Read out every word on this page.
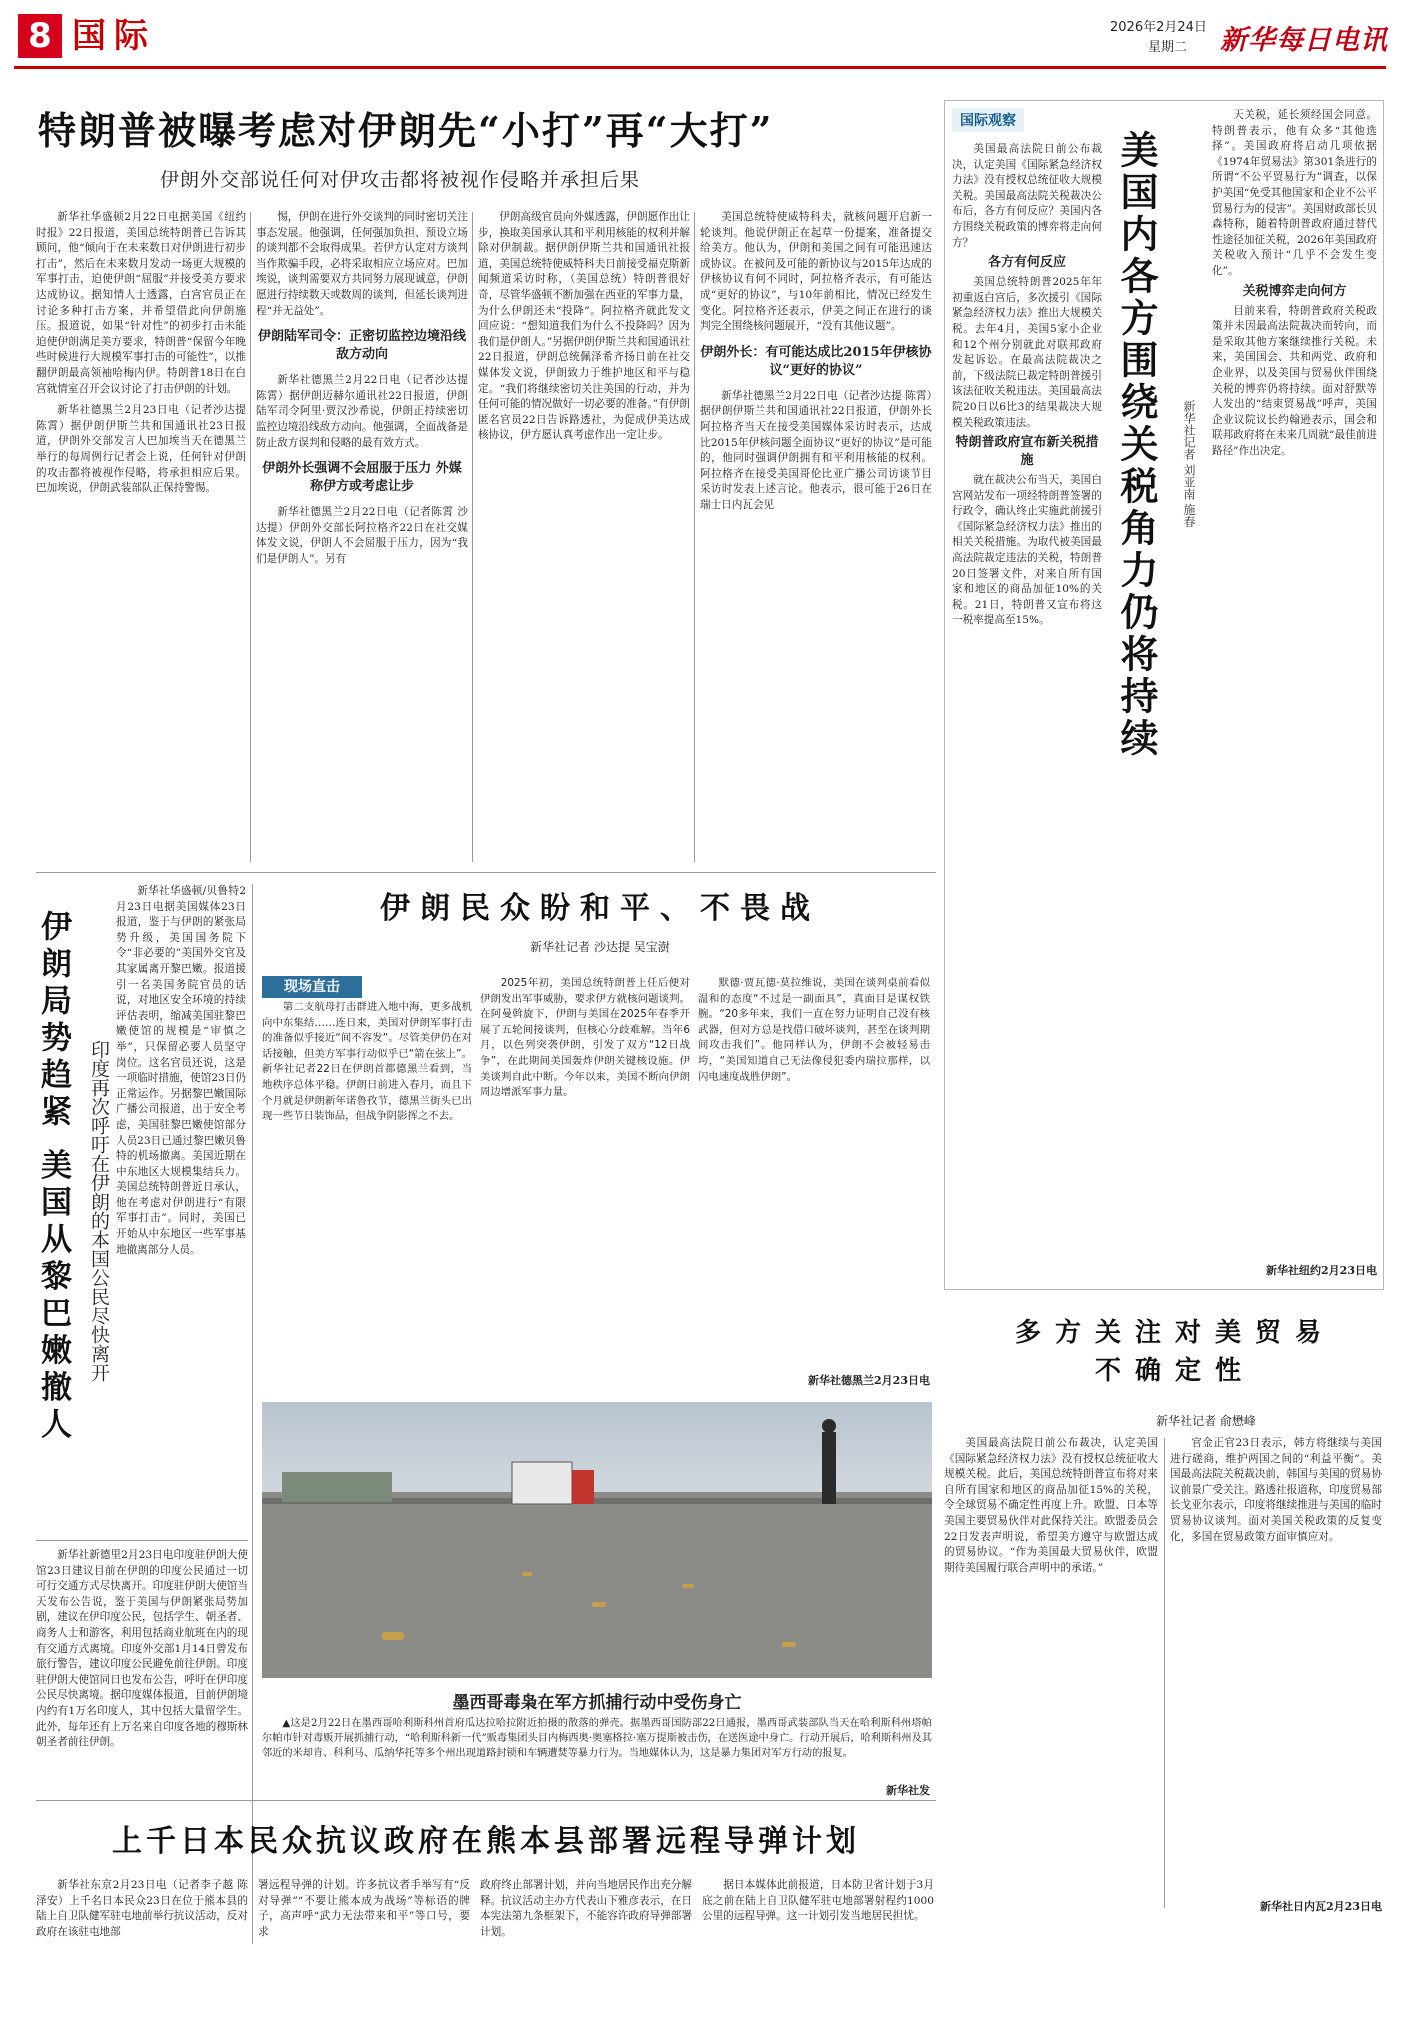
8 国际	2026年2月24日
星期二 新华每日电讯
特朗普被曝考虑对伊朗先“小打”再“大打”
伊朗外交部说任何对伊攻击都将被视作侵略并承担后果

新华社华盛顿2月22日电据美国《纽约时报》22日报道，美国总统特朗普已告诉其顾问，他“倾向于在未来数日对伊朗进行初步打击”，然后在未来数月发动一场更大规模的军事打击，迫使伊朗“屈服”并接受美方要求达成协议。据知情人士透露，白宫官员正在讨论多种打击方案，并希望借此向伊朗施压。报道说，如果“针对性”的初步打击未能迫使伊朗满足美方要求，特朗普“保留今年晚些时候进行大规模军事打击的可能性”，以推翻伊朗最高领袖哈梅内伊。特朗普18日在白宫就情室召开会议讨论了打击伊朗的计划。

新华社德黑兰2月23日电（记者沙达提 陈霄）据伊朗伊斯兰共和国通讯社23日报道，伊朗外交部发言人巴加埃当天在德黑兰举行的每周例行记者会上说，任何针对伊朗的攻击都将被视作侵略，将承担相应后果。巴加埃说，伊朗武装部队正保持警惕。

惕，伊朗在进行外交谈判的同时密切关注事态发展。他强调，任何强加负担、预设立场的谈判都不会取得成果。若伊方认定对方谈判当作欺骗手段，必将采取相应立场应对。巴加埃说，谈判需要双方共同努力展现诚意，伊朗愿进行持续数天或数周的谈判，但延长谈判进程“并无益处”。

伊朗陆军司令：正密切监控边境沿线敌方动向

新华社德黑兰2月22日电（记者沙达提 陈霄）据伊朗迈赫尔通讯社22日报道，伊朗陆军司令阿里·贾汉沙希说，伊朗正持续密切监控边境沿线敌方动向。他强调，全面战备是防止敌方误判和侵略的最有效方式。

伊朗外长强调不会屈服于压力 外媒称伊方或考虑让步

新华社德黑兰2月22日电（记者陈霄 沙达提）伊朗外交部长阿拉格齐22日在社交媒体发文说，伊朗人不会屈服于压力，因为“我们是伊朗人”。另有

伊朗高级官员向外媒透露，伊朗愿作出让步，换取美国承认其和平利用核能的权利并解除对伊制裁。据伊朗伊斯兰共和国通讯社报道，美国总统特使威特科夫日前接受福克斯新闻频道采访时称，（美国总统）特朗普很好奇，尽管华盛顿不断加强在西亚的军事力量，为什么伊朗还未“投降”。阿拉格齐就此发文回应说：“想知道我们为什么不投降吗？因为我们是伊朗人。”另据伊朗伊斯兰共和国通讯社22日报道，伊朗总统佩泽希齐扬日前在社交媒体发文说，伊朗致力于维护地区和平与稳定。“我们将继续密切关注美国的行动，并为任何可能的情况做好一切必要的准备。”有伊朗匿名官员22日告诉路透社，为促成伊美达成核协议，伊方愿认真考虑作出一定让步。

美国总统特使威特科夫，就核问题开启新一轮谈判。他说伊朗正在起草一份提案，准备提交给美方。他认为，伊朗和美国之间有可能迅速达成协议。在被问及可能的新协议与2015年达成的伊核协议有何不同时，阿拉格齐表示，有可能达成“更好的协议”，与10年前相比，情况已经发生变化。阿拉格齐还表示，伊美之间正在进行的谈判完全围绕核问题展开，“没有其他议题”。

伊朗外长：有可能达成比2015年伊核协议“更好的协议”

新华社德黑兰2月22日电（记者沙达提 陈霄）据伊朗伊斯兰共和国通讯社22日报道，伊朗外长阿拉格齐当天在接受美国媒体采访时表示，达成比2015年伊核问题全面协议“更好的协议”是可能的，他同时强调伊朗拥有和平利用核能的权利。阿拉格齐在接受美国哥伦比亚广播公司访谈节目采访时发表上述言论。他表示，很可能于26日在瑞士日内瓦会见

国际观察
美国内各方围绕关税角力仍将持续	新华社记者 刘亚南 施春

美国最高法院日前公布裁决，认定美国《国际紧急经济权力法》没有授权总统征收大规模关税。美国最高法院关税裁决公布后，各方有何反应？美国内各方围绕关税政策的博弈将走向何方？

各方有何反应

美国总统特朗普2025年年初重返白宫后，多次援引《国际紧急经济权力法》推出大规模关税。去年4月，美国5家小企业和12个州分别就此对联邦政府发起诉讼。在最高法院裁决之前，下级法院已裁定特朗普援引该法征收关税违法。美国最高法院20日以6比3的结果裁决大规模关税政策违法。

特朗普政府宣布新关税措施

就在裁决公布当天，美国白宫网站发布一项经特朗普签署的行政令，确认终止实施此前援引《国际紧急经济权力法》推出的相关关税措施。为取代被美国最高法院裁定违法的关税，特朗普20日签署文件，对来自所有国家和地区的商品加征10%的关税。21日，特朗普又宣布将这一税率提高至15%。

天关税，延长须经国会同意。特朗普表示，他有众多“其他选择”。美国政府将启动几项依据《1974年贸易法》第301条进行的所谓“不公平贸易行为”调查，以保护美国“免受其他国家和企业不公平贸易行为的侵害”。美国财政部长贝森特称，随着特朗普政府通过替代性途径加征关税，2026年美国政府关税收入预计“几乎不会发生变化”。

关税博弈走向何方

目前来看，特朗普政府关税政策并未因最高法院裁决而转向，而是采取其他方案继续推行关税。未来，美国国会、共和两党、政府和企业界，以及美国与贸易伙伴围绕关税的博弈仍将持续。面对舒默等人发出的“结束贸易战”呼声，美国企业议院议长约翰逊表示，国会和联邦政府将在未来几周就“最佳前进路径”作出决定。

新华社纽约2月23日电
多方关注对美贸易不确定性
新华社记者 俞懋峰

美国最高法院日前公布裁决，认定美国《国际紧急经济权力法》没有授权总统征收大规模关税。此后，美国总统特朗普宣布将对来自所有国家和地区的商品加征15%的关税，令全球贸易不确定性再度上升。欧盟、日本等美国主要贸易伙伴对此保持关注。欧盟委员会22日发表声明说，希望美方遵守与欧盟达成的贸易协议。“作为美国最大贸易伙伴，欧盟期待美国履行联合声明中的承诺。”

官金正官23日表示，韩方将继续与美国进行磋商，维护两国之间的“利益平衡”。美国最高法院关税裁决前，韩国与美国的贸易协议前景广受关注。路透社报道称，印度贸易部长戈亚尔表示，印度将继续推进与美国的临时贸易协议谈判。面对美国关税政策的反复变化，多国在贸易政策方面审慎应对。

新华社日内瓦2月23日电
伊朗局势趋紧 美国从黎巴嫩撤人 印度再次呼吁在伊朗的本国公民尽快离开

新华社华盛顿/贝鲁特2月23日电据美国媒体23日报道，鉴于与伊朗的紧张局势升级，美国国务院下令“非必要的”美国外交官及其家属离开黎巴嫩。报道援引一名美国务院官员的话说，对地区安全环境的持续评估表明，缩减美国驻黎巴嫩使馆的规模是“审慎之举”，只保留必要人员坚守岗位。这名官员还说，这是一项临时措施，使馆23日仍正常运作。另据黎巴嫩国际广播公司报道，出于安全考虑，美国驻黎巴嫩使馆部分人员23日已通过黎巴嫩贝鲁特的机场撤离。美国近期在中东地区大规模集结兵力。美国总统特朗普近日承认，他在考虑对伊朗进行“有限军事打击”。同时，美国已开始从中东地区一些军事基地撤离部分人员。

新华社新德里2月23日电印度驻伊朗大使馆23日建议目前在伊朗的印度公民通过一切可行交通方式尽快离开。印度驻伊朗大使馆当天发布公告说，鉴于美国与伊朗紧张局势加剧，建议在伊印度公民，包括学生、朝圣者、商务人士和游客，利用包括商业航班在内的现有交通方式离境。印度外交部1月14日曾发布旅行警告，建议印度公民避免前往伊朗。印度驻伊朗大使馆同日也发布公告，呼吁在伊印度公民尽快离境。据印度媒体报道，目前伊朗境内约有1万名印度人，其中包括大量留学生。此外，每年还有上万名来自印度各地的穆斯林朝圣者前往伊朗。

伊朗民众盼和平、不畏战
新华社记者 沙达提 吴宝澍
现场直击

第二支航母打击群进入地中海，更多战机向中东集结……连日来，美国对伊朗军事打击的准备似乎接近“间不容发”。尽管美伊仍在对话接触，但美方军事行动似乎已“箭在弦上”。新华社记者22日在伊朗首都德黑兰看到，当地秩序总体平稳。伊朗日前进入春月，而且下个月就是伊朗新年诺鲁孜节，德黑兰街头已出现一些节日装饰品，但战争阴影挥之不去。

2025年初，美国总统特朗普上任后便对伊朗发出军事威胁，要求伊方就核问题谈判。在阿曼斡旋下，伊朗与美国在2025年春季开展了五轮间接谈判，但核心分歧难解。当年6月，以色列突袭伊朗，引发了双方“12日战争”，在此期间美国轰炸伊朗关键核设施。伊美谈判自此中断。今年以来，美国不断向伊朗周边增派军事力量。

默德·贾瓦德·莫拉维说，美国在谈判桌前看似温和的态度“不过是一副面具”，真面目是谋权铁腕。“20多年来，我们一直在努力证明自己没有核武器，但对方总是找借口破坏谈判，甚至在谈判期间攻击我们”。他同样认为，伊朗不会被轻易击垮，“美国知道自己无法像侵犯委内瑞拉那样，以闪电速度战胜伊朗”。

新华社德黑兰2月23日电
墨西哥毒枭在军方抓捕行动中受伤身亡

▲这是2月22日在墨西哥哈利斯科州首府瓜达拉哈拉附近拍摄的散落的弹壳。据墨西哥国防部22日通报，墨西哥武装部队当天在哈利斯科州塔帕尔帕市针对毒贩开展抓捕行动，“哈利斯科新一代”贩毒集团头目内梅西奥·奥塞格拉·塞万提斯被击伤，在送医途中身亡。行动开展后，哈利斯科州及其邻近的米却肯、科利马、瓜纳华托等多个州出现道路封锁和车辆遭焚等暴力行为。当地媒体认为，这是暴力集团对军方行动的报复。

新华社发
上千日本民众抗议政府在熊本县部署远程导弹计划

新华社东京2月23日电（记者李子越 陈泽安）上千名日本民众23日在位于熊本县的陆上自卫队健军驻屯地前举行抗议活动，反对政府在该驻屯地部

署远程导弹的计划。许多抗议者手举写有“反对导弹”“不要让熊本成为战场”等标语的牌子，高声呼“武力无法带来和平”等口号，要求

政府终止部署计划，并向当地居民作出充分解释。抗议活动主办方代表山下雅彦表示，在日本宪法第九条框架下，不能容许政府导弹部署计划。

据日本媒体此前报道，日本防卫省计划于3月底之前在陆上自卫队健军驻屯地部署射程约1000公里的远程导弹。这一计划引发当地居民担忧。
